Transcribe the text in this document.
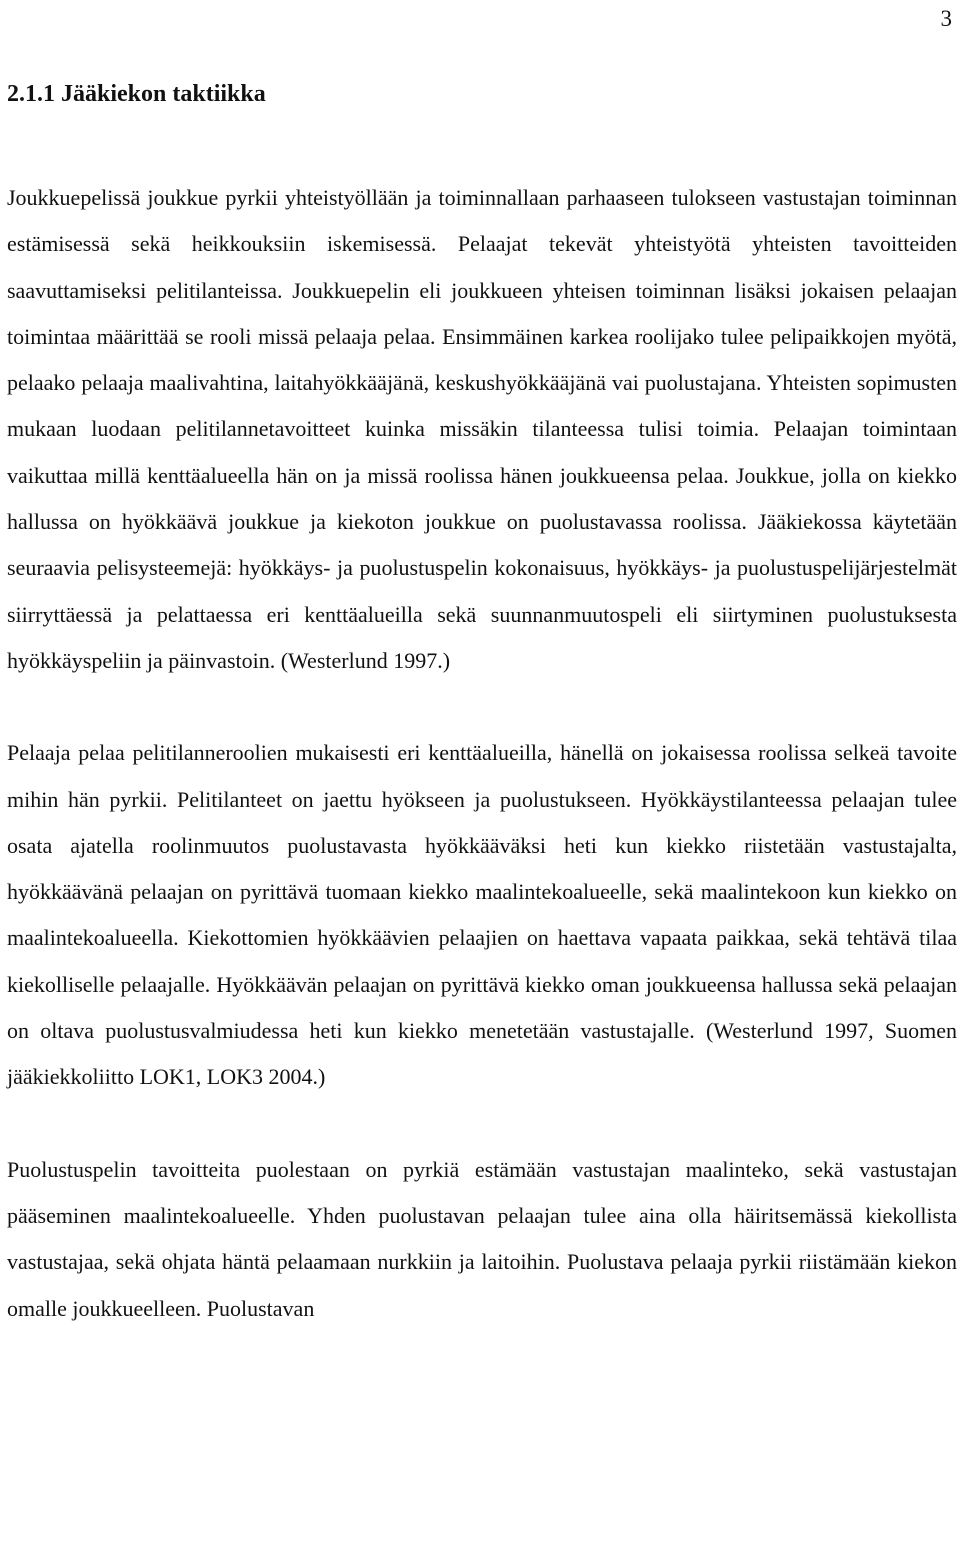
3
2.1.1 Jääkiekon taktiikka

Joukkuepelissä joukkue pyrkii yhteistyöllään ja toiminnallaan parhaaseen tulokseen vastustajan toiminnan estämisessä sekä heikkouksiin iskemisessä. Pelaajat tekevät yhteistyötä yhteisten tavoitteiden saavuttamiseksi pelitilanteissa. Joukkuepelin eli joukkueen yhteisen toiminnan lisäksi jokaisen pelaajan toimintaa määrittää se rooli missä pelaaja pelaa. Ensimmäinen karkea roolijako tulee pelipaikkojen myötä, pelaako pelaaja maalivahtina, laitahyökkääjänä, keskushyökkääjänä vai puolustajana. Yhteisten sopimusten mukaan luodaan pelitilannetavoitteet kuinka missäkin tilanteessa tulisi toimia. Pelaajan toimintaan vaikuttaa millä kenttäalueella hän on ja missä roolissa hänen joukkueensa pelaa. Joukkue, jolla on kiekko hallussa on hyökkäävä joukkue ja kiekoton joukkue on puolustavassa roolissa. Jääkiekossa käytetään seuraavia pelisysteemejä: hyökkäys- ja puolustuspelin kokonaisuus, hyökkäys- ja puolustuspelijärjestelmät siirryttäessä ja pelattaessa eri kenttäalueilla sekä suunnanmuutospeli eli siirtyminen puolustuksesta hyökkäyspeliin ja päinvastoin. (Westerlund 1997.)

Pelaaja pelaa pelitilanneroolien mukaisesti eri kenttäalueilla, hänellä on jokaisessa roolissa selkeä tavoite mihin hän pyrkii. Pelitilanteet on jaettu hyökseen ja puolustukseen. Hyökkäystilanteessa pelaajan tulee osata ajatella roolinmuutos puolustavasta hyökkääväksi heti kun kiekko riistetään vastustajalta, hyökkäävänä pelaajan on pyrittävä tuomaan kiekko maalintekoalueelle, sekä maalintekoon kun kiekko on maalintekoalueella. Kiekottomien hyökkäävien pelaajien on haettava vapaata paikkaa, sekä tehtävä tilaa kiekolliselle pelaajalle. Hyökkäävän pelaajan on pyrittävä kiekko oman joukkueensa hallussa sekä pelaajan on oltava puolustusvalmiudessa heti kun kiekko menetetään vastustajalle. (Westerlund 1997, Suomen jääkiekkoliitto LOK1, LOK3 2004.)

Puolustuspelin tavoitteita puolestaan on pyrkiä estämään vastustajan maalinteko, sekä vastustajan pääseminen maalintekoalueelle. Yhden puolustavan pelaajan tulee aina olla häiritsemässä kiekollista vastustajaa, sekä ohjata häntä pelaamaan nurkkiin ja laitoihin. Puolustava pelaaja pyrkii riistämään kiekon omalle joukkueelleen. Puolustavan
